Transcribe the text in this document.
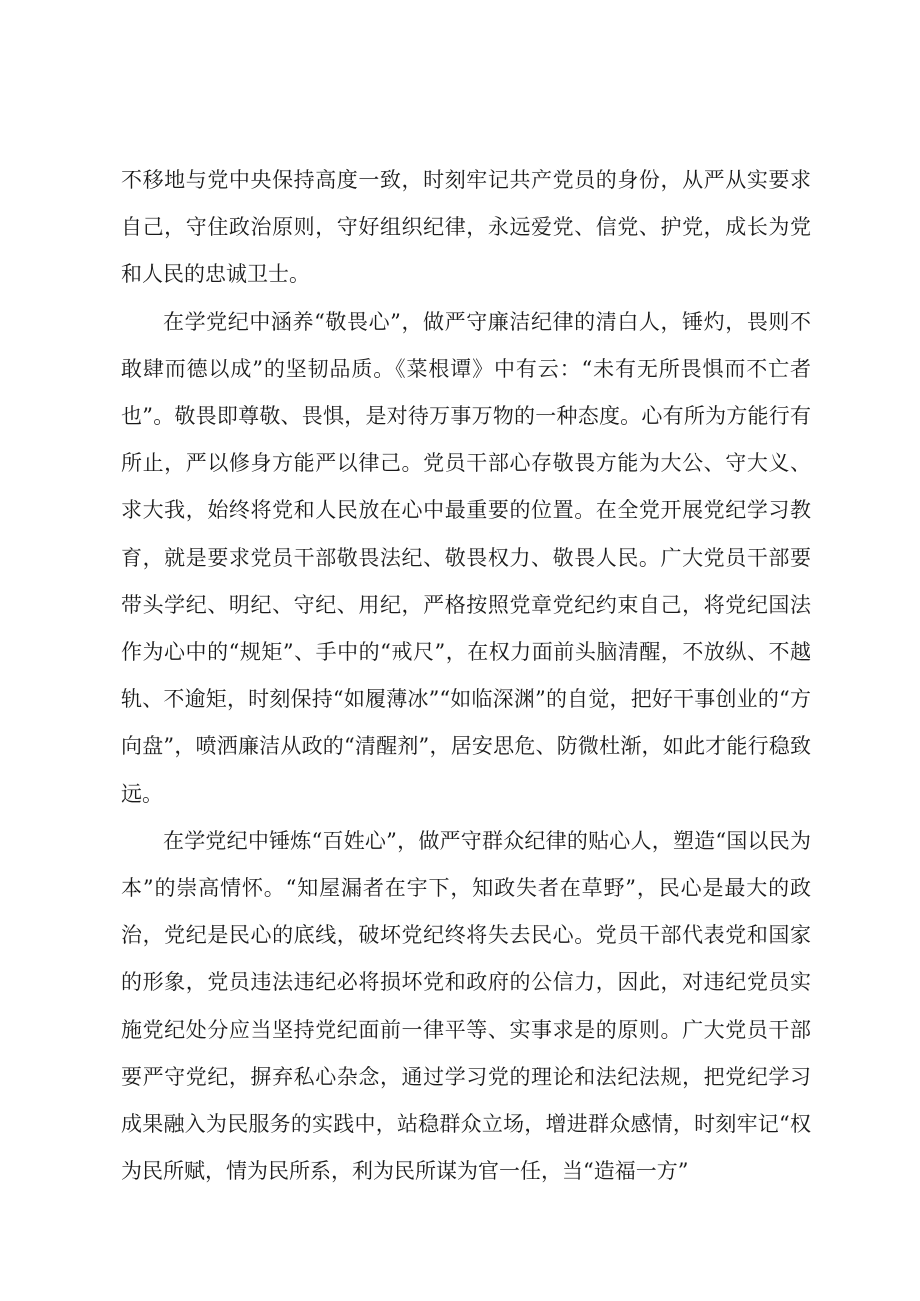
不移地与党中央保持高度一致，时刻牢记共产党员的身份，从严从实要求自己，守住政治原则，守好组织纪律，永远爱党、信党、护党，成长为党和人民的忠诚卫士。

在学党纪中涵养“敬畏心”，做严守廉洁纪律的清白人，锤灼，畏则不敢肆而德以成”的坚韧品质。《菜根谭》中有云：“未有无所畏惧而不亡者也”。敬畏即尊敬、畏惧，是对待万事万物的一种态度。心有所为方能行有所止，严以修身方能严以律己。党员干部心存敬畏方能为大公、守大义、求大我，始终将党和人民放在心中最重要的位置。在全党开展党纪学习教育，就是要求党员干部敬畏法纪、敬畏权力、敬畏人民。广大党员干部要带头学纪、明纪、守纪、用纪，严格按照党章党纪约束自己，将党纪国法作为心中的“规矩”、手中的“戒尺”，在权力面前头脑清醒，不放纵、不越轨、不逾矩，时刻保持“如履薄冰”“如临深渊”的自觉，把好干事创业的“方向盘”，喷洒廉洁从政的“清醒剂”，居安思危、防微杜渐，如此才能行稳致远。

在学党纪中锤炼“百姓心”，做严守群众纪律的贴心人，塑造“国以民为本”的崇高情怀。“知屋漏者在宇下，知政失者在草野”，民心是最大的政治，党纪是民心的底线，破坏党纪终将失去民心。党员干部代表党和国家的形象，党员违法违纪必将损坏党和政府的公信力，因此，对违纪党员实施党纪处分应当坚持党纪面前一律平等、实事求是的原则。广大党员干部要严守党纪，摒弃私心杂念，通过学习党的理论和法纪法规，把党纪学习成果融入为民服务的实践中，站稳群众立场，增进群众感情，时刻牢记“权为民所赋，情为民所系，利为民所谋为官一任，当“造福一方”
